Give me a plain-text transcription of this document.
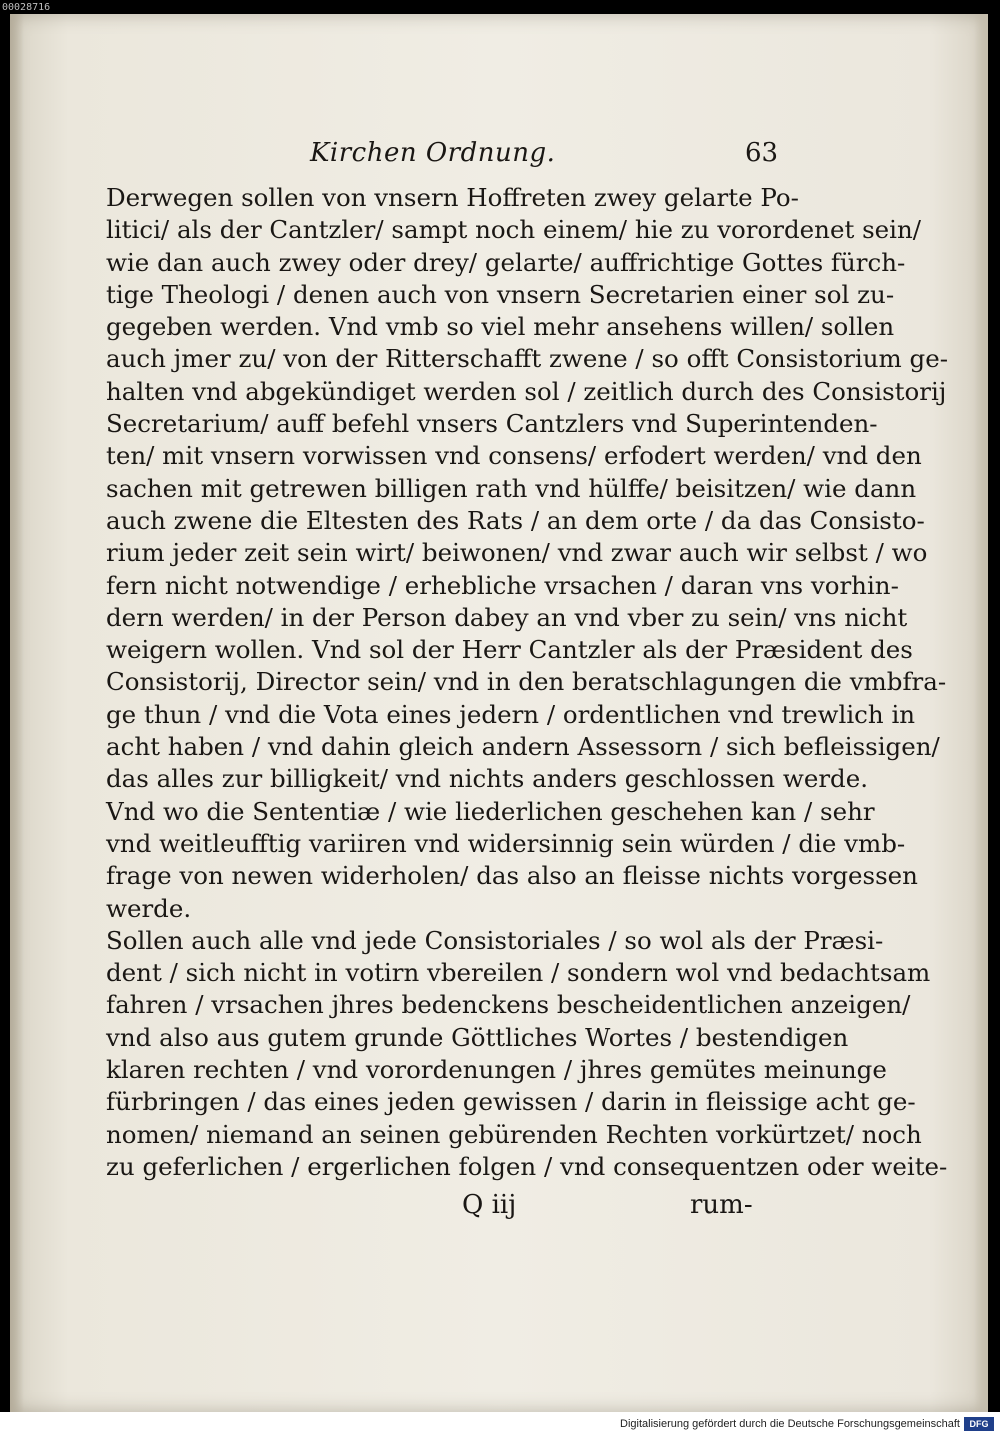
00028716
Kirchen Ordnung.	63
Derwegen sollen von vnsern Hoffreten zwey gelarte Po-
litici/ als der Cantzler/ sampt noch einem/ hie zu vorordenet sein/
wie dan auch zwey oder drey/ gelarte/ auffrichtige Gottes fürch-
tige Theologi / denen auch von vnsern Secretarien einer sol zu-
gegeben werden. Vnd vmb so viel mehr ansehens willen/ sollen
auch jmer zu/ von der Ritterschafft zwene / so offt Consistorium ge-
halten vnd abgekündiget werden sol / zeitlich durch des Consistorij
Secretarium/ auff befehl vnsers Cantzlers vnd Superintenden-
ten/ mit vnsern vorwissen vnd consens/ erfodert werden/ vnd den
sachen mit getrewen billigen rath vnd hülffe/ beisitzen/ wie dann
auch zwene die Eltesten des Rats / an dem orte / da das Consisto-
rium jeder zeit sein wirt/ beiwonen/ vnd zwar auch wir selbst / wo
fern nicht notwendige / erhebliche vrsachen / daran vns vorhin-
dern werden/ in der Person dabey an vnd vber zu sein/ vns nicht
weigern wollen. Vnd sol der Herr Cantzler als der Præsident des
Consistorij, Director sein/ vnd in den beratschlagungen die vmbfra-
ge thun / vnd die Vota eines jedern / ordentlichen vnd trewlich in
acht haben / vnd dahin gleich andern Assessorn / sich befleissigen/
das alles zur billigkeit/ vnd nichts anders geschlossen werde.
Vnd wo die Sententiæ / wie liederlichen geschehen kan / sehr
vnd weitleufftig variiren vnd widersinnig sein würden / die vmb-
frage von newen widerholen/ das also an fleisse nichts vorgessen
werde.
Sollen auch alle vnd jede Consistoriales / so wol als der Præsi-
dent / sich nicht in votirn vbereilen / sondern wol vnd bedachtsam
fahren / vrsachen jhres bedenckens bescheidentlichen anzeigen/
vnd also aus gutem grunde Göttliches Wortes / bestendigen
klaren rechten / vnd vorordenungen / jhres gemütes meinunge
fürbringen / das eines jeden gewissen / darin in fleissige acht ge-
nomen/ niemand an seinen gebürenden Rechten vorkürtzet/ noch
zu geferlichen / ergerlichen folgen / vnd consequentzen oder weite-
Q iij	rum-
Digitalisierung gefördert durch die Deutsche Forschungsgemeinschaft	DFG
